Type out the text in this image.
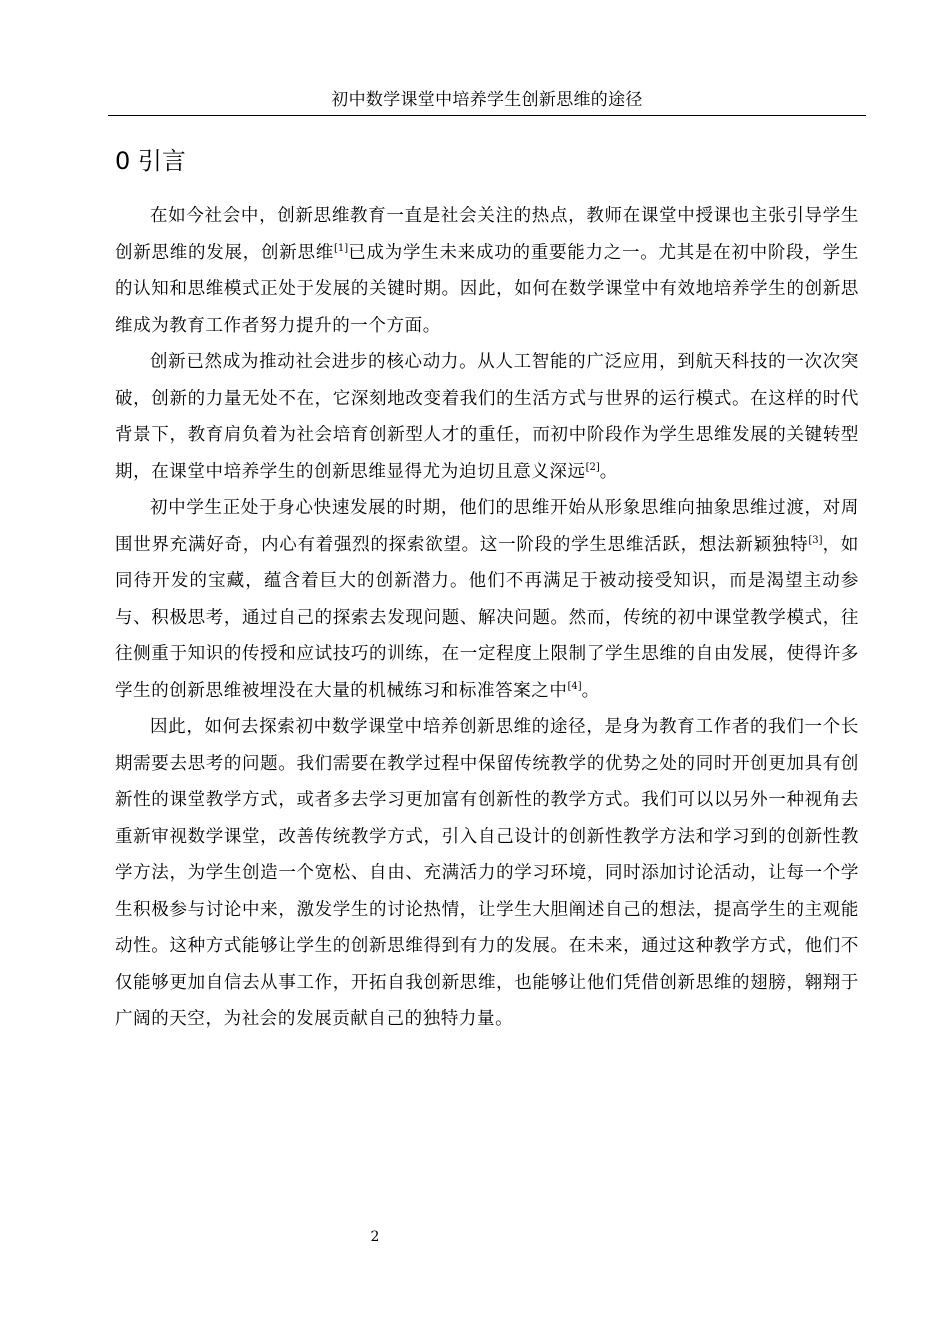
初中数学课堂中培养学生创新思维的途径
0 引言

在如今社会中，创新思维教育一直是社会关注的热点，教师在课堂中授课也主张引导学生创新思维的发展，创新思维[1]已成为学生未来成功的重要能力之一。尤其是在初中阶段，学生的认知和思维模式正处于发展的关键时期。因此，如何在数学课堂中有效地培养学生的创新思维成为教育工作者努力提升的一个方面。

创新已然成为推动社会进步的核心动力。从人工智能的广泛应用，到航天科技的一次次突破，创新的力量无处不在，它深刻地改变着我们的生活方式与世界的运行模式。在这样的时代背景下，教育肩负着为社会培育创新型人才的重任，而初中阶段作为学生思维发展的关键转型期，在课堂中培养学生的创新思维显得尤为迫切且意义深远[2]。

初中学生正处于身心快速发展的时期，他们的思维开始从形象思维向抽象思维过渡，对周围世界充满好奇，内心有着强烈的探索欲望。这一阶段的学生思维活跃，想法新颖独特[3]，如同待开发的宝藏，蕴含着巨大的创新潜力。他们不再满足于被动接受知识，而是渴望主动参与、积极思考，通过自己的探索去发现问题、解决问题。然而，传统的初中课堂教学模式，往往侧重于知识的传授和应试技巧的训练，在一定程度上限制了学生思维的自由发展，使得许多学生的创新思维被埋没在大量的机械练习和标准答案之中[4]。

因此，如何去探索初中数学课堂中培养创新思维的途径，是身为教育工作者的我们一个长期需要去思考的问题。我们需要在教学过程中保留传统教学的优势之处的同时开创更加具有创新性的课堂教学方式，或者多去学习更加富有创新性的教学方式。我们可以以另外一种视角去重新审视数学课堂，改善传统教学方式，引入自己设计的创新性教学方法和学习到的创新性教学方法，为学生创造一个宽松、自由、充满活力的学习环境，同时添加讨论活动，让每一个学生积极参与讨论中来，激发学生的讨论热情，让学生大胆阐述自己的想法，提高学生的主观能动性。这种方式能够让学生的创新思维得到有力的发展。在未来，通过这种教学方式，他们不仅能够更加自信去从事工作，开拓自我创新思维，也能够让他们凭借创新思维的翅膀，翱翔于广阔的天空，为社会的发展贡献自己的独特力量。

2
